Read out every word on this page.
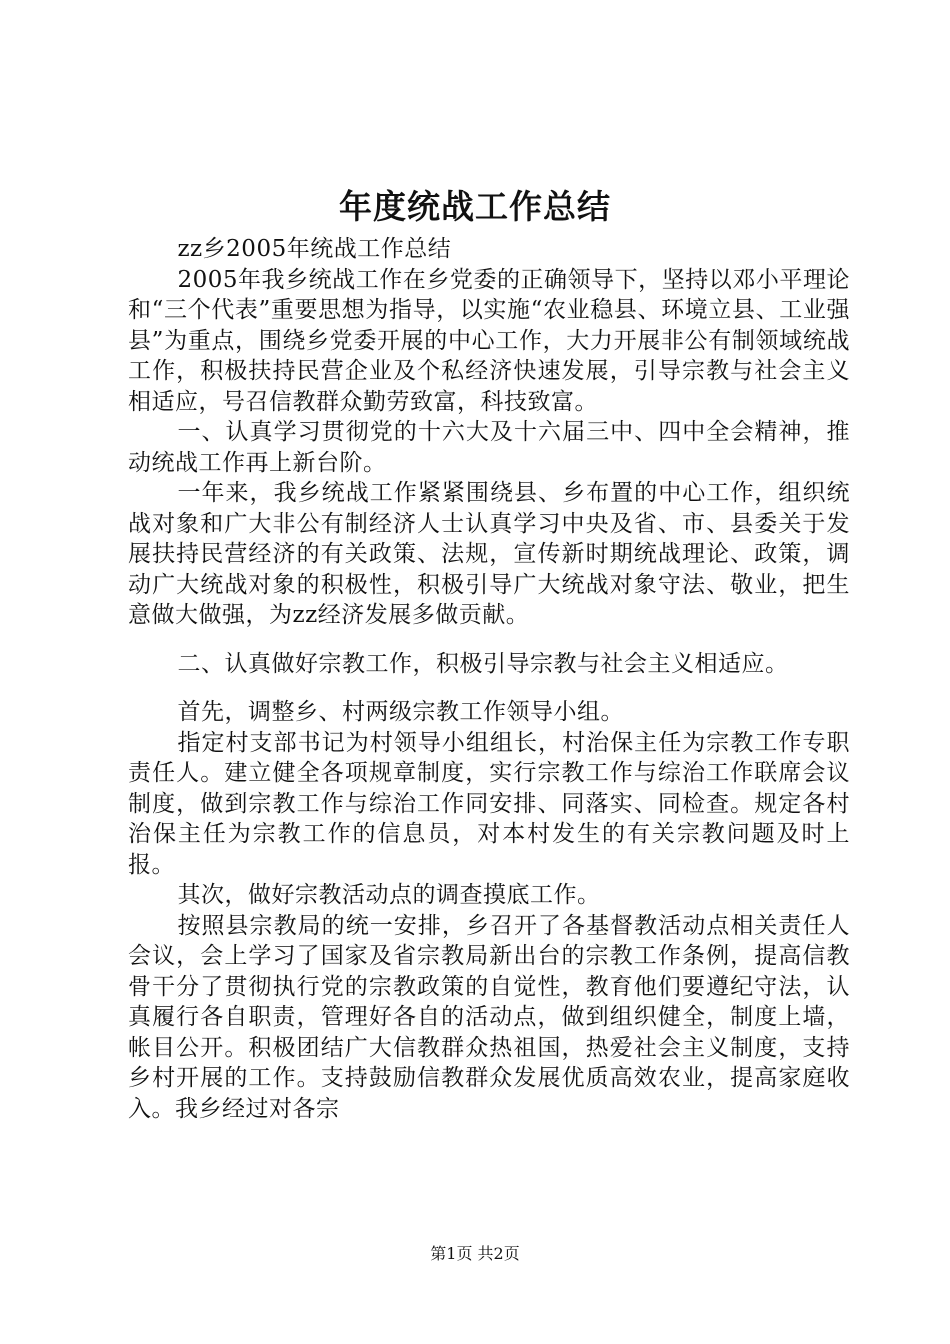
年度统战工作总结

zz乡2005年统战工作总结

2005年我乡统战工作在乡党委的正确领导下，坚持以邓小平理论和“三个代表”重要思想为指导，以实施“农业稳县、环境立县、工业强县”为重点，围绕乡党委开展的中心工作，大力开展非公有制领域统战工作，积极扶持民营企业及个私经济快速发展，引导宗教与社会主义相适应，号召信教群众勤劳致富，科技致富。

一、认真学习贯彻党的十六大及十六届三中、四中全会精神，推动统战工作再上新台阶。

一年来，我乡统战工作紧紧围绕县、乡布置的中心工作，组织统战对象和广大非公有制经济人士认真学习中央及省、市、县委关于发展扶持民营经济的有关政策、法规，宣传新时期统战理论、政策，调动广大统战对象的积极性，积极引导广大统战对象守法、敬业，把生意做大做强，为zz经济发展多做贡献。

二、认真做好宗教工作，积极引导宗教与社会主义相适应。

首先，调整乡、村两级宗教工作领导小组。

指定村支部书记为村领导小组组长，村治保主任为宗教工作专职责任人。建立健全各项规章制度，实行宗教工作与综治工作联席会议制度，做到宗教工作与综治工作同安排、同落实、同检查。规定各村治保主任为宗教工作的信息员，对本村发生的有关宗教问题及时上报。

其次，做好宗教活动点的调查摸底工作。

按照县宗教局的统一安排，乡召开了各基督教活动点相关责任人会议，会上学习了国家及省宗教局新出台的宗教工作条例，提高信教骨干分了贯彻执行党的宗教政策的自觉性，教育他们要遵纪守法，认真履行各自职责，管理好各自的活动点，做到组织健全，制度上墙，帐目公开。积极团结广大信教群众热祖国，热爱社会主义制度，支持乡村开展的工作。支持鼓励信教群众发展优质高效农业，提高家庭收入。我乡经过对各宗

第1页 共2页
